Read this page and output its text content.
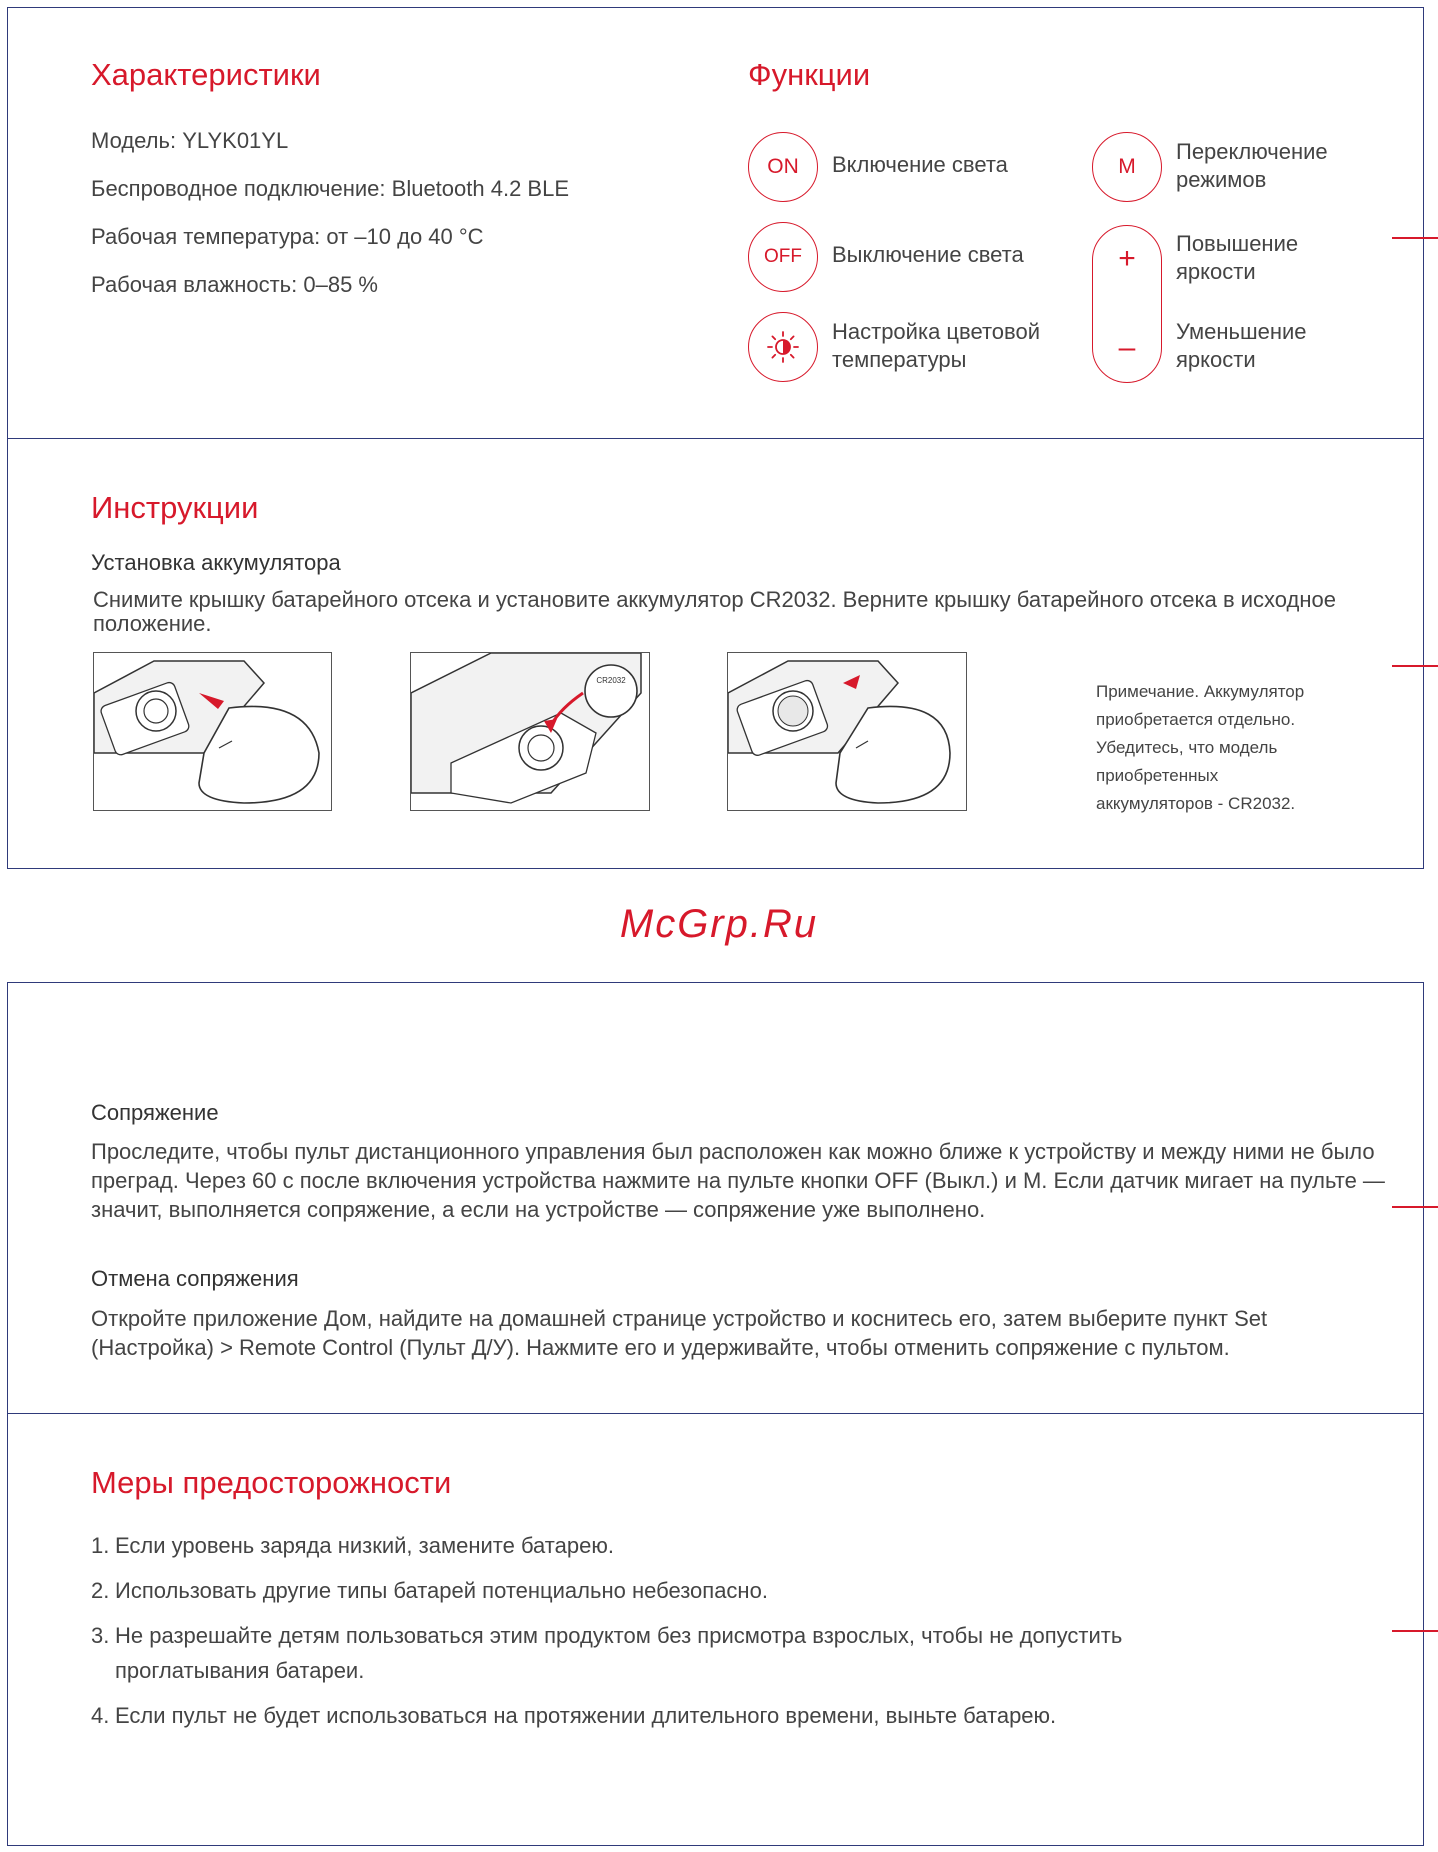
Характеристики

Модель: YLYK01YL

Беспроводное подключение: Bluetooth 4.2 BLE

Рабочая температура: от –10 до 40 °C

Рабочая влажность: 0–85 %

Функции
ON	Включение света

OFF	Выключение света

Настройка цветовой
температуры

M

Переключение
режимов

+
–

Повышение
яркости

Уменьшение
яркости

Инструкции

Установка аккумулятора

Снимите крышку батарейного отсека и установите аккумулятор CR2032. Верните крышку батарейного отсека в исходное положение.

CR2032
Примечание. Аккумулятор
приобретается отдельно.
Убедитесь, что модель
приобретенных
аккумуляторов - CR2032.

McGrp.Ru

Сопряжение

Проследите, чтобы пульт дистанционного управления был расположен как можно ближе к устройству и между ними не было преград. Через 60 с после включения устройства нажмите на пульте кнопки OFF (Выкл.) и M. Если датчик мигает на пульте — значит, выполняется сопряжение, а если на устройстве — сопряжение уже выполнено.

Отмена сопряжения

Откройте приложение Дом, найдите на домашней странице устройство и коснитесь его, затем выберите пункт Set (Настройка) > Remote Control (Пульт Д/У). Нажмите его и удерживайте, чтобы отменить сопряжение с пультом.

Меры предосторожности
1. Если уровень заряда низкий, замените батарею.
2. Использовать другие типы батарей потенциально небезопасно.
3. Не разрешайте детям пользоваться этим продуктом без присмотра взрослых, чтобы не допустить проглатывания батареи.
4. Если пульт не будет использоваться на протяжении длительного времени, выньте батарею.
